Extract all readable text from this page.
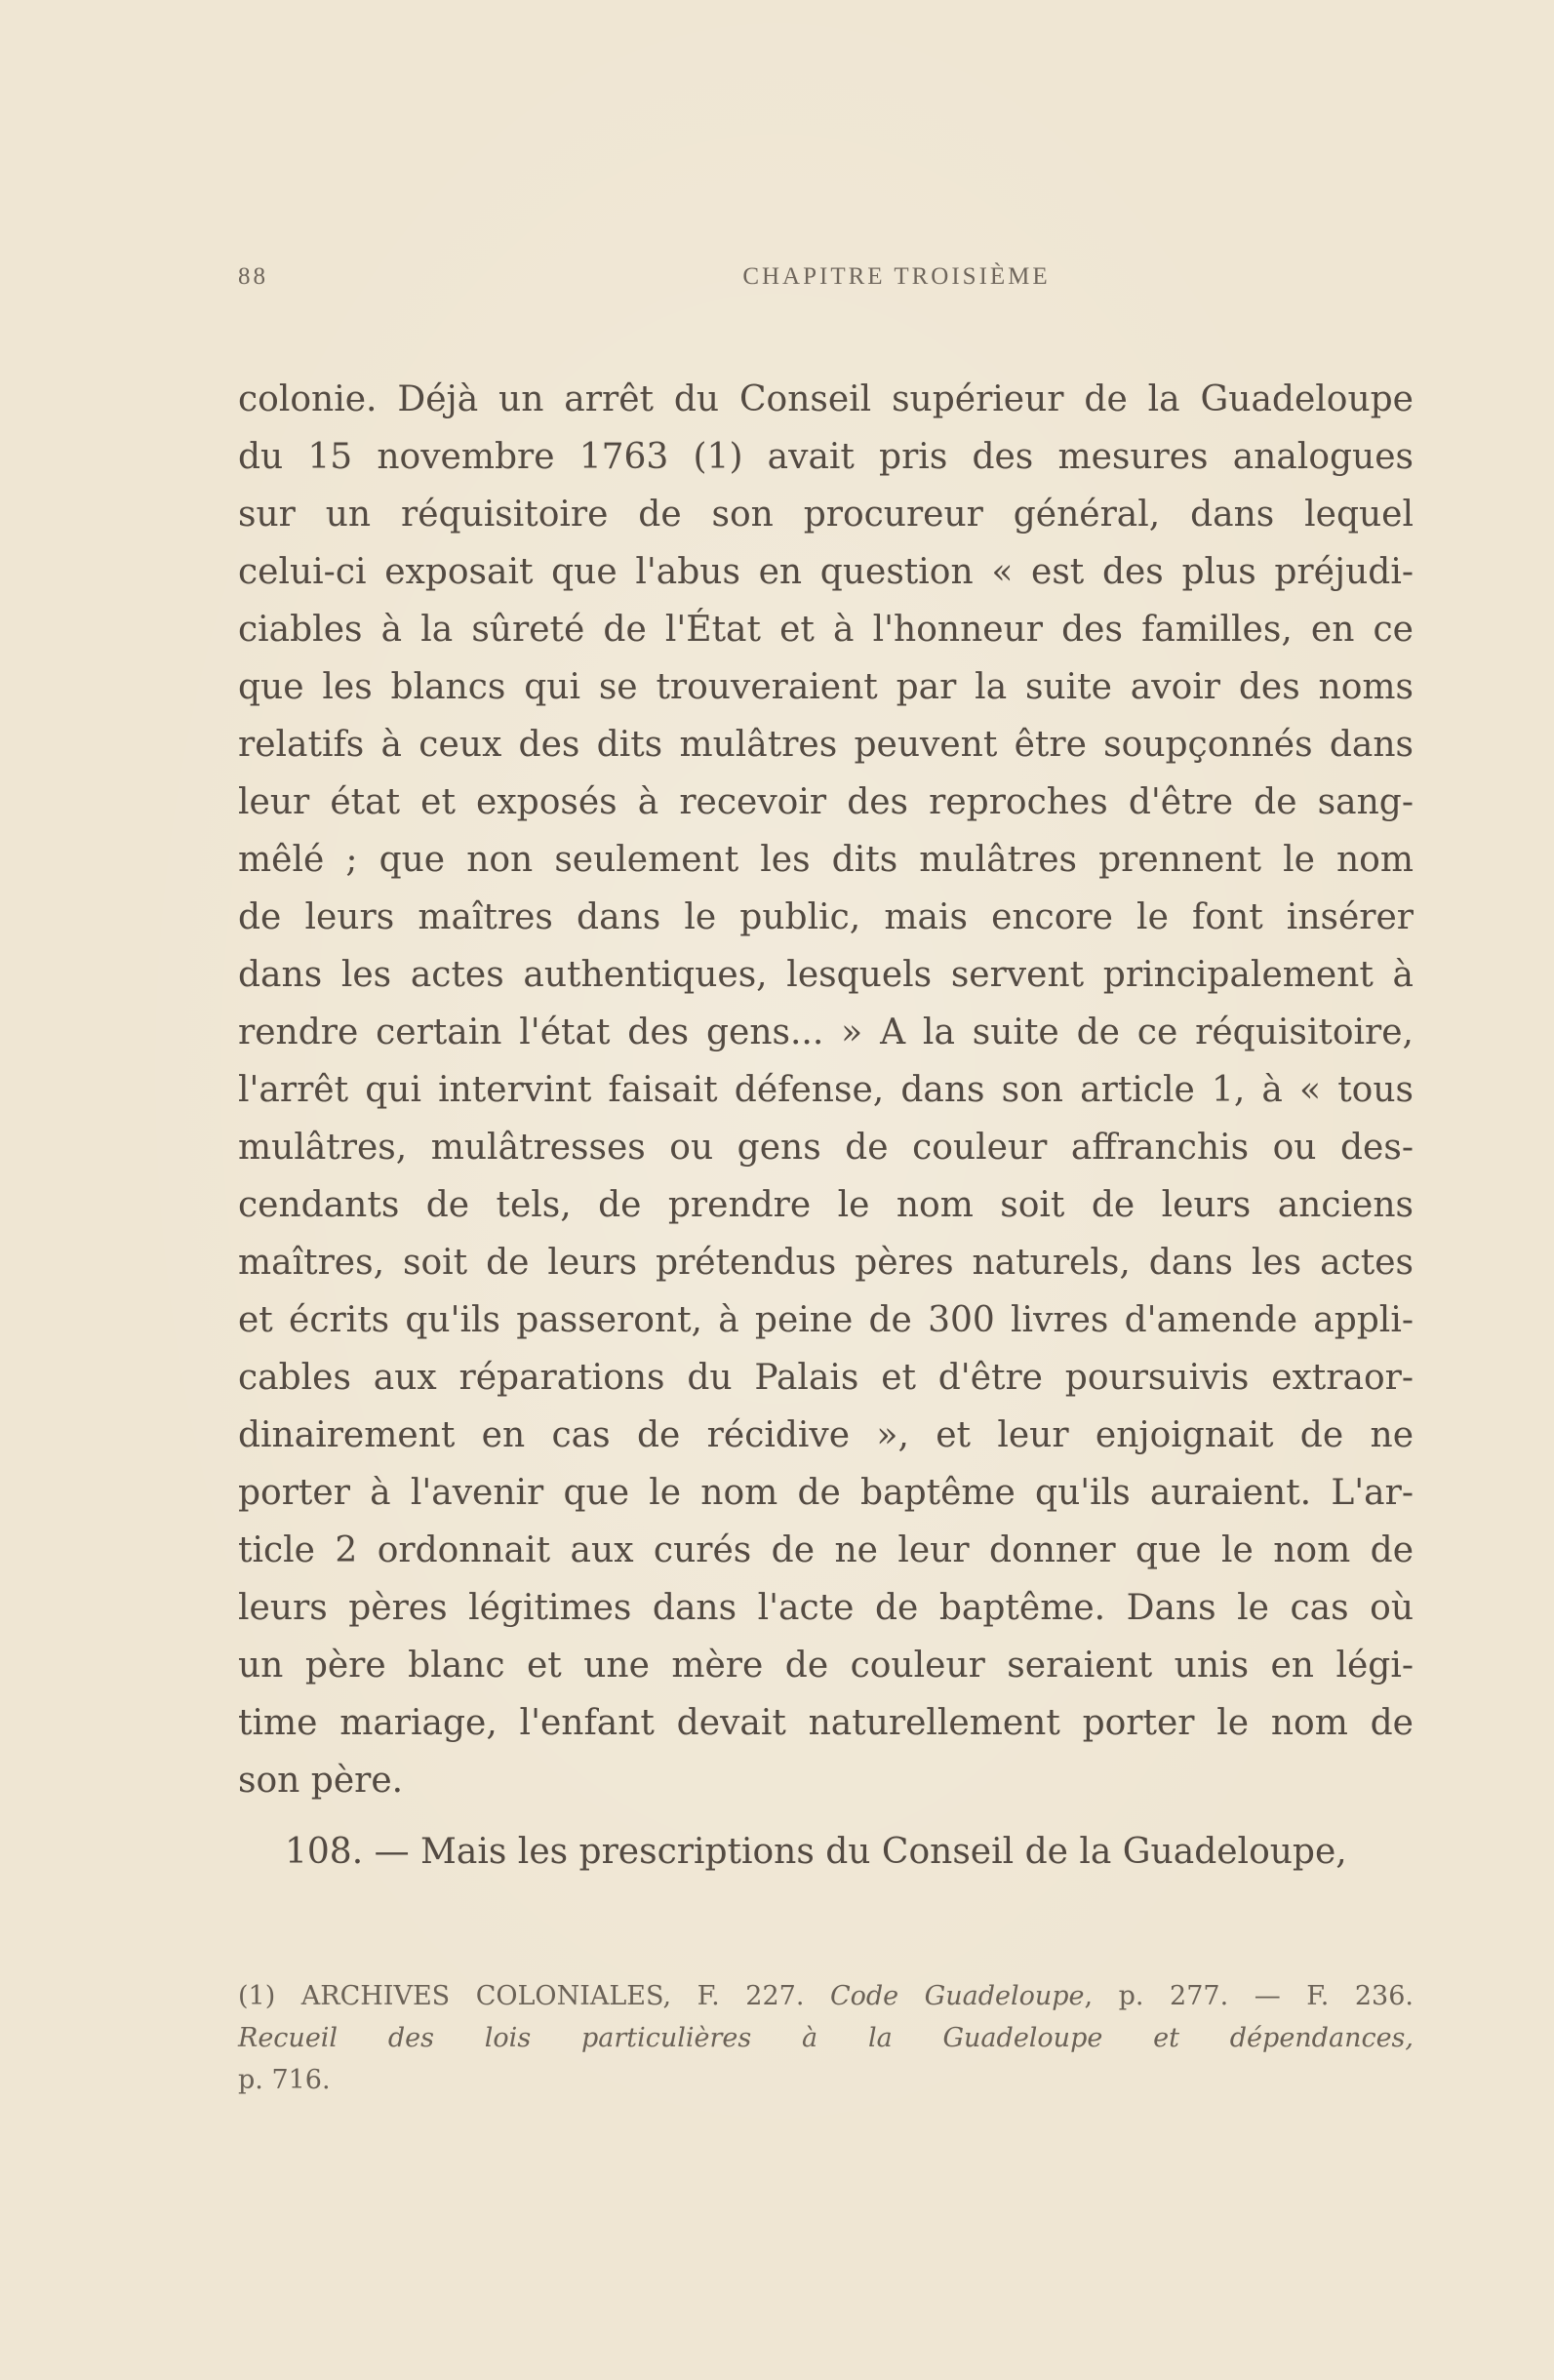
88	CHAPITRE TROISIÈME
colonie. Déjà un arrêt du Conseil supérieur de la Guadeloupe
du 15 novembre 1763 (1) avait pris des mesures analogues
sur un réquisitoire de son procureur général, dans lequel
celui-ci exposait que l'abus en question « est des plus préjudi-
ciables à la sûreté de l'État et à l'honneur des familles, en ce
que les blancs qui se trouveraient par la suite avoir des noms
relatifs à ceux des dits mulâtres peuvent être soupçonnés dans
leur état et exposés à recevoir des reproches d'être de sang-
mêlé ; que non seulement les dits mulâtres prennent le nom
de leurs maîtres dans le public, mais encore le font insérer
dans les actes authentiques, lesquels servent principalement à
rendre certain l'état des gens... » A la suite de ce réquisitoire,
l'arrêt qui intervint faisait défense, dans son article 1, à « tous
mulâtres, mulâtresses ou gens de couleur affranchis ou des-
cendants de tels, de prendre le nom soit de leurs anciens
maîtres, soit de leurs prétendus pères naturels, dans les actes
et écrits qu'ils passeront, à peine de 300 livres d'amende appli-
cables aux réparations du Palais et d'être poursuivis extraor-
dinairement en cas de récidive », et leur enjoignait de ne
porter à l'avenir que le nom de baptême qu'ils auraient. L'ar-
ticle 2 ordonnait aux curés de ne leur donner que le nom de
leurs pères légitimes dans l'acte de baptême. Dans le cas où
un père blanc et une mère de couleur seraient unis en légi-
time mariage, l'enfant devait naturellement porter le nom de
son père.
108. — Mais les prescriptions du Conseil de la Guadeloupe,
(1) ARCHIVES COLONIALES, F. 227. Code Guadeloupe, p. 277. — F. 236.
Recueil des lois particulières à la Guadeloupe et dépendances,
p. 716.
